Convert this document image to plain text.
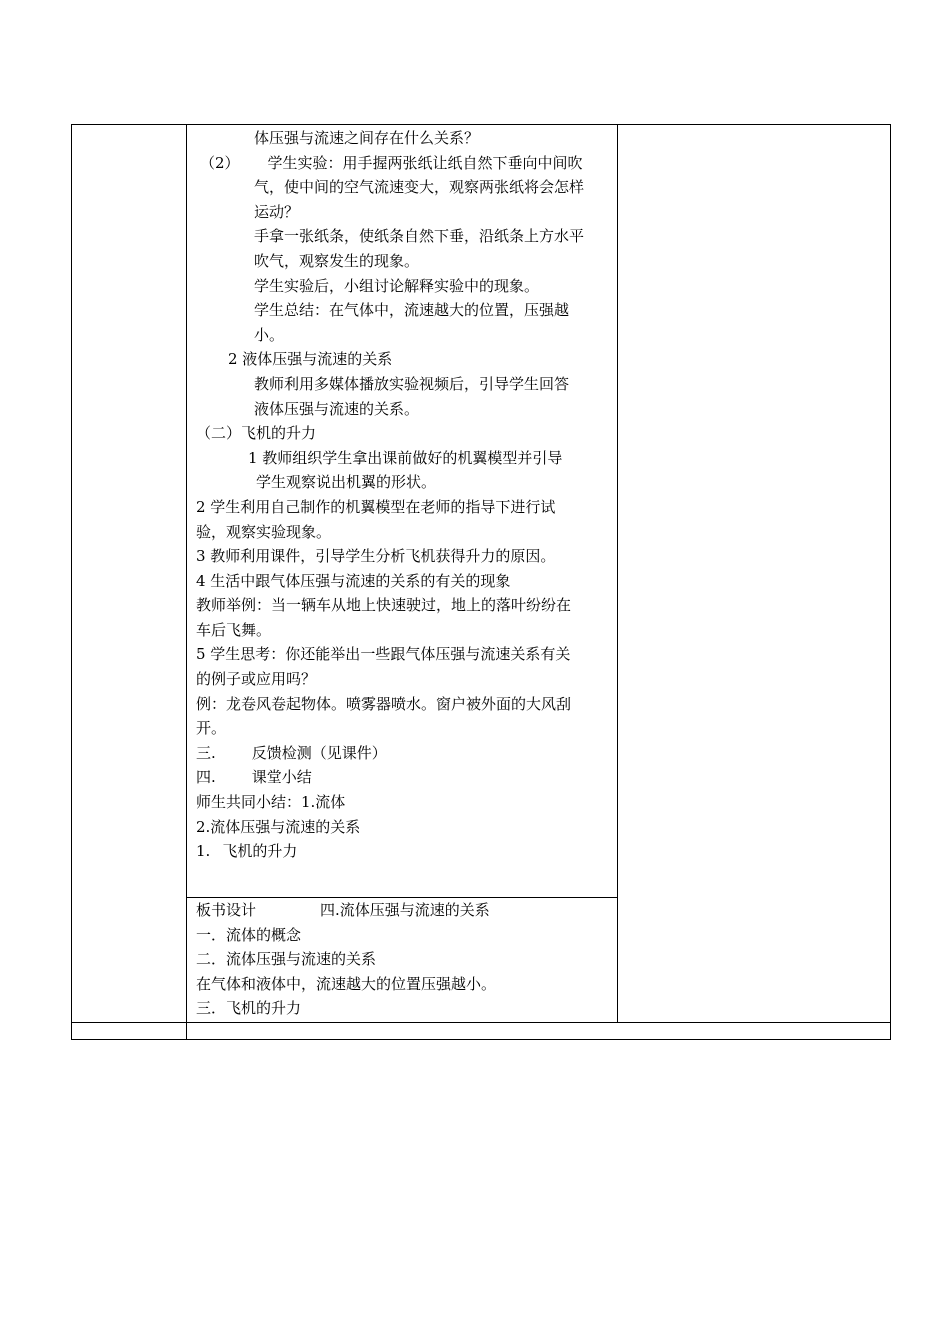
体压强与流速之间存在什么关系？
（2） 学生实验：用手握两张纸让纸自然下垂向中间吹
气，使中间的空气流速变大，观察两张纸将会怎样
运动？
手拿一张纸条，使纸条自然下垂，沿纸条上方水平
吹气，观察发生的现象。
学生实验后，小组讨论解释实验中的现象。
学生总结：在气体中，流速越大的位置，压强越
小。
2 液体压强与流速的关系
教师利用多媒体播放实验视频后，引导学生回答
液体压强与流速的关系。
（二）飞机的升力
1 教师组织学生拿出课前做好的机翼模型并引导
学生观察说出机翼的形状。
2 学生利用自己制作的机翼模型在老师的指导下进行试
验，观察实验现象。
3 教师利用课件，引导学生分析飞机获得升力的原因。
4 生活中跟气体压强与流速的关系的有关的现象
教师举例：当一辆车从地上快速驶过，地上的落叶纷纷在
车后飞舞。
5 学生思考：你还能举出一些跟气体压强与流速关系有关
的例子或应用吗？
例：龙卷风卷起物体。喷雾器喷水。窗户被外面的大风刮
开。
三. 反馈检测（见课件）
四. 课堂小结
师生共同小结：1.流体
2.流体压强与流速的关系
1. 飞机的升力
板书设计	四.流体压强与流速的关系
一．流体的概念
二．流体压强与流速的关系
在气体和液体中，流速越大的位置压强越小。
三．飞机的升力
